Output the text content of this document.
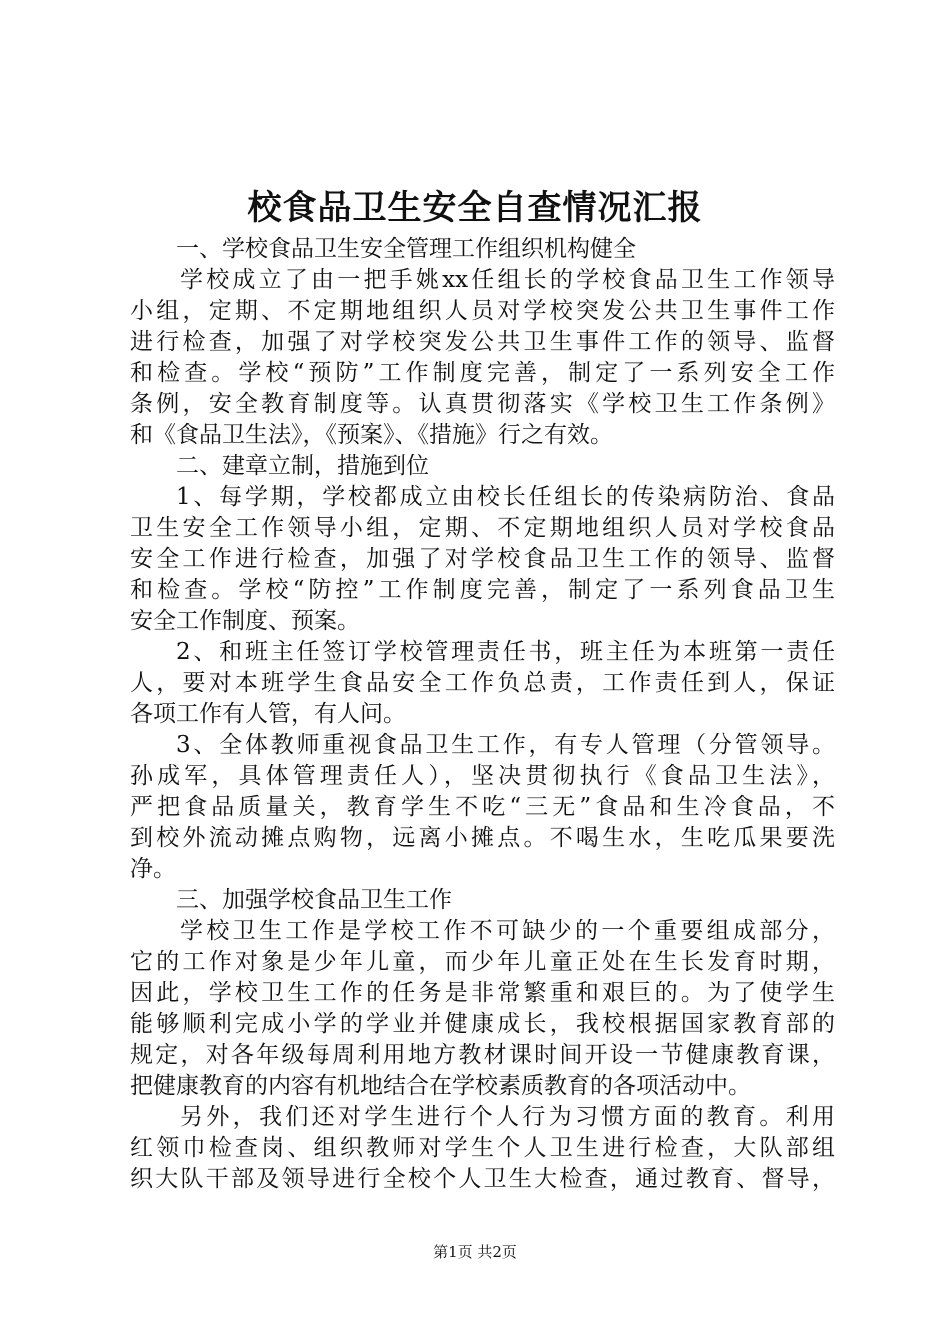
校食品卫生安全自查情况汇报
一、学校食品卫生安全管理工作组织机构健全
学校成立了由一把手姚xx任组长的学校食品卫生工作领导
小组，定期、不定期地组织人员对学校突发公共卫生事件工作
进行检查，加强了对学校突发公共卫生事件工作的领导、监督
和检查。学校“预防”工作制度完善，制定了一系列安全工作
条例，安全教育制度等。认真贯彻落实《学校卫生工作条例》
和《食品卫生法》，《预案》、《措施》行之有效。
二、建章立制，措施到位
1、每学期，学校都成立由校长任组长的传染病防治、食品
卫生安全工作领导小组，定期、不定期地组织人员对学校食品
安全工作进行检查，加强了对学校食品卫生工作的领导、监督
和检查。学校“防控”工作制度完善，制定了一系列食品卫生
安全工作制度、预案。
2、和班主任签订学校管理责任书，班主任为本班第一责任
人，要对本班学生食品安全工作负总责，工作责任到人，保证
各项工作有人管，有人问。
3、全体教师重视食品卫生工作，有专人管理（分管领导。
孙成军，具体管理责任人），坚决贯彻执行《食品卫生法》，
严把食品质量关，教育学生不吃“三无”食品和生冷食品，不
到校外流动摊点购物，远离小摊点。不喝生水，生吃瓜果要洗
净。
三、加强学校食品卫生工作
学校卫生工作是学校工作不可缺少的一个重要组成部分，
它的工作对象是少年儿童，而少年儿童正处在生长发育时期，
因此，学校卫生工作的任务是非常繁重和艰巨的。为了使学生
能够顺利完成小学的学业并健康成长，我校根据国家教育部的
规定，对各年级每周利用地方教材课时间开设一节健康教育课，
把健康教育的内容有机地结合在学校素质教育的各项活动中。
另外，我们还对学生进行个人行为习惯方面的教育。利用
红领巾检查岗、组织教师对学生个人卫生进行检查，大队部组
织大队干部及领导进行全校个人卫生大检查，通过教育、督导，
第1页 共2页
